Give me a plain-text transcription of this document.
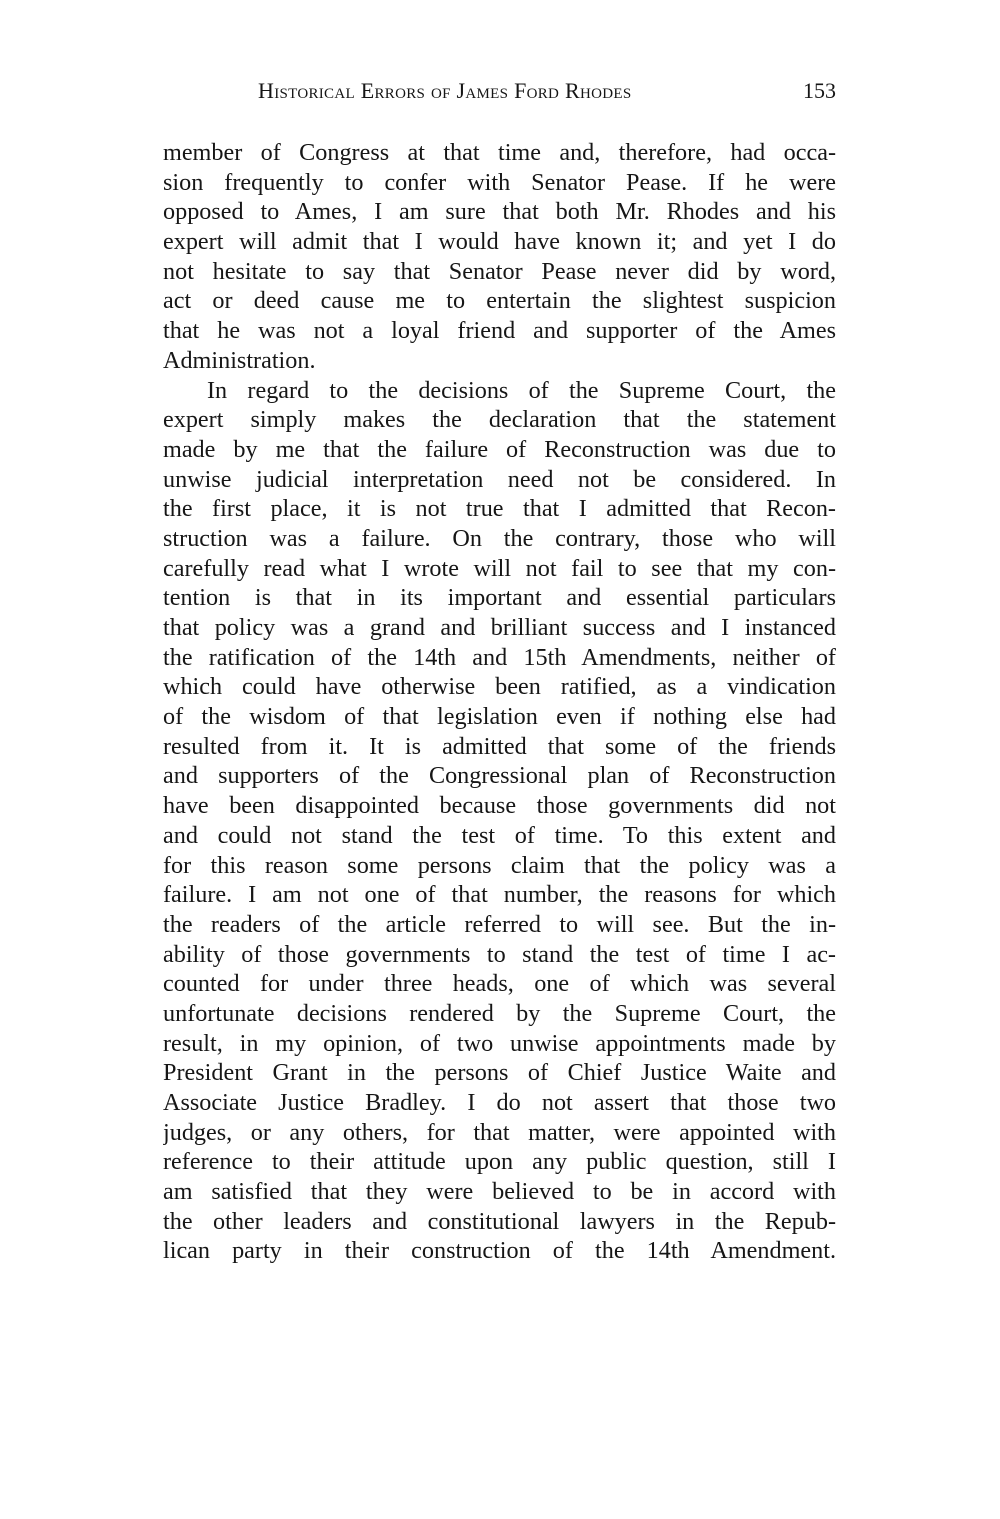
Historical Errors of James Ford Rhodes	153
member of Congress at that time and, therefore, had occa-
sion frequently to confer with Senator Pease. If he were
opposed to Ames, I am sure that both Mr. Rhodes and his
expert will admit that I would have known it; and yet I do
not hesitate to say that Senator Pease never did by word,
act or deed cause me to entertain the slightest suspicion
that he was not a loyal friend and supporter of the Ames
Administration.
In regard to the decisions of the Supreme Court, the
expert simply makes the declaration that the statement
made by me that the failure of Reconstruction was due to
unwise judicial interpretation need not be considered. In
the first place, it is not true that I admitted that Recon-
struction was a failure. On the contrary, those who will
carefully read what I wrote will not fail to see that my con-
tention is that in its important and essential particulars
that policy was a grand and brilliant success and I instanced
the ratification of the 14th and 15th Amendments, neither of
which could have otherwise been ratified, as a vindication
of the wisdom of that legislation even if nothing else had
resulted from it. It is admitted that some of the friends
and supporters of the Congressional plan of Reconstruction
have been disappointed because those governments did not
and could not stand the test of time. To this extent and
for this reason some persons claim that the policy was a
failure. I am not one of that number, the reasons for which
the readers of the article referred to will see. But the in-
ability of those governments to stand the test of time I ac-
counted for under three heads, one of which was several
unfortunate decisions rendered by the Supreme Court, the
result, in my opinion, of two unwise appointments made by
President Grant in the persons of Chief Justice Waite and
Associate Justice Bradley. I do not assert that those two
judges, or any others, for that matter, were appointed with
reference to their attitude upon any public question, still I
am satisfied that they were believed to be in accord with
the other leaders and constitutional lawyers in the Repub-
lican party in their construction of the 14th Amendment.
